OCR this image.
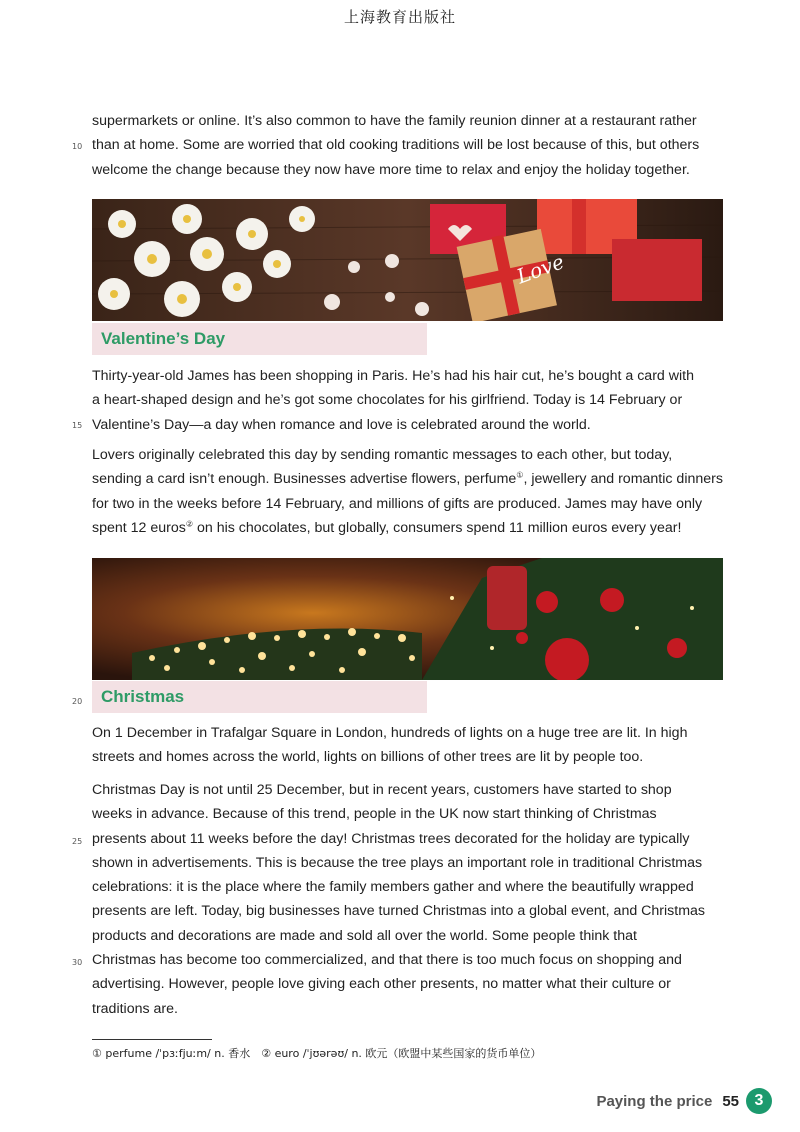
上海教育出版社

supermarkets or online. It’s also common to have the family reunion dinner at a restaurant rather

than at home. Some are worried that old cooking traditions will be lost because of this, but others

welcome the change because they now have more time to relax and enjoy the holiday together.

10
Love
Valentine’s Day

Thirty-year-old James has been shopping in Paris. He’s had his hair cut, he’s bought a card with

a heart-shaped design and he’s got some chocolates for his girlfriend. Today is 14 February or

Valentine’s Day—a day when romance and love is celebrated around the world.

15

Lovers originally celebrated this day by sending romantic messages to each other, but today,

sending a card isn’t enough. Businesses advertise flowers, perfume①, jewellery and romantic dinners

for two in the weeks before 14 February, and millions of gifts are produced. James may have only

spent 12 euros② on his chocolates, but globally, consumers spend 11 million euros every year!

Christmas
20

On 1 December in Trafalgar Square in London, hundreds of lights on a huge tree are lit. In high

streets and homes across the world, lights on billions of other trees are lit by people too.

Christmas Day is not until 25 December, but in recent years, customers have started to shop

weeks in advance. Because of this trend, people in the UK now start thinking of Christmas

presents about 11 weeks before the day! Christmas trees decorated for the holiday are typically

shown in advertisements. This is because the tree plays an important role in traditional Christmas

celebrations: it is the place where the family members gather and where the beautifully wrapped

presents are left. Today, big businesses have turned Christmas into a global event, and Christmas

products and decorations are made and sold all over the world. Some people think that

Christmas has become too commercialized, and that there is too much focus on shopping and

advertising. However, people love giving each other presents, no matter what their culture or

traditions are.

25
30
① perfume /ˈpɜːfjuːm/ n. 香水　② euro /ˈjʊərəʊ/ n. 欧元（欧盟中某些国家的货币单位）
Paying the price 55 3
